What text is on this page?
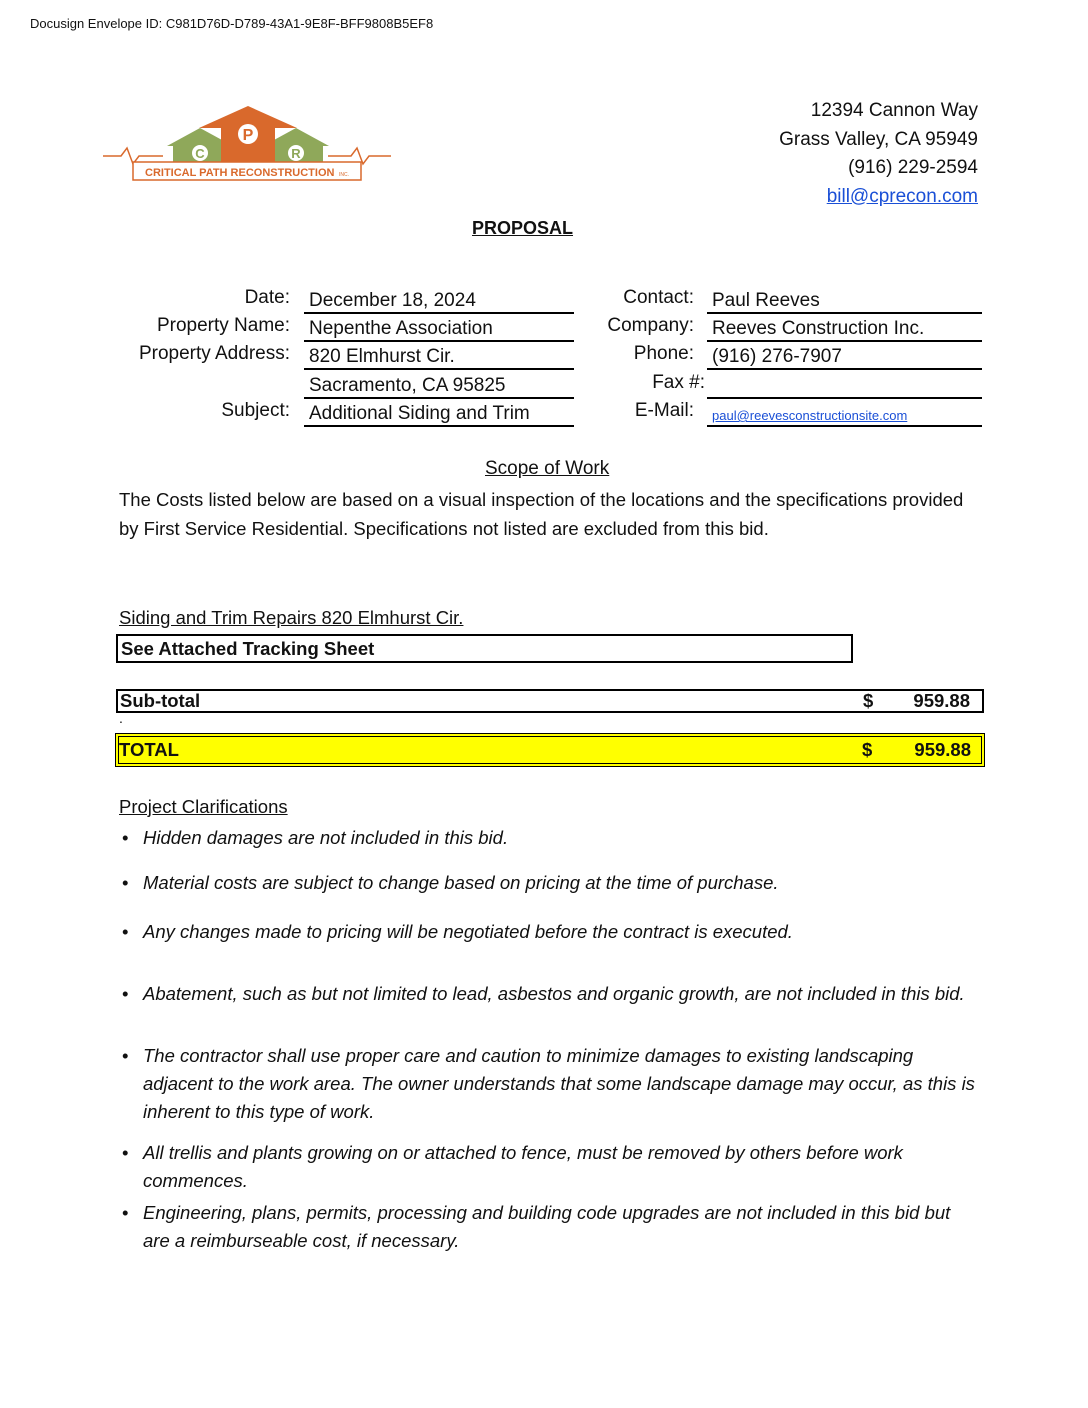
Docusign Envelope ID: C981D76D-D789-43A1-9E8F-BFF9808B5EF8
C
P
R
CRITICAL PATH RECONSTRUCTION INC.
12394 Cannon Way
Grass Valley, CA 95949
(916) 229-2594
bill@cprecon.com
PROPOSAL
Date: December 18, 2024
Property Name: Nepenthe Association
Property Address: 820 Elmhurst Cir.
Sacramento, CA 95825
Subject: Additional Siding and Trim
Contact: Paul Reeves
Company: Reeves Construction Inc.
Phone: (916) 276-7907
Fax #:
E-Mail:	paul@reevesconstructionsite.com
Scope of Work
The Costs listed below are based on a visual inspection of the locations and the specifications provided by First Service Residential. Specifications not listed are excluded from this bid.
Siding and Trim Repairs 820 Elmhurst Cir.
See Attached Tracking Sheet
Sub-total	$ 959.88
.
TOTAL	$ 959.88
Project Clarifications
• Hidden damages are not included in this bid.
• Material costs are subject to change based on pricing at the time of purchase.
• Any changes made to pricing will be negotiated before the contract is executed.
• Abatement, such as but not limited to lead, asbestos and organic growth, are not included in this bid.
• The contractor shall use proper care and caution to minimize damages to existing landscaping adjacent to the work area. The owner understands that some landscape damage may occur, as this is inherent to this type of work.
• All trellis and plants growing on or attached to fence, must be removed by others before work commences.
• Engineering, plans, permits, processing and building code upgrades are not included in this bid but are a reimburseable cost, if necessary.
